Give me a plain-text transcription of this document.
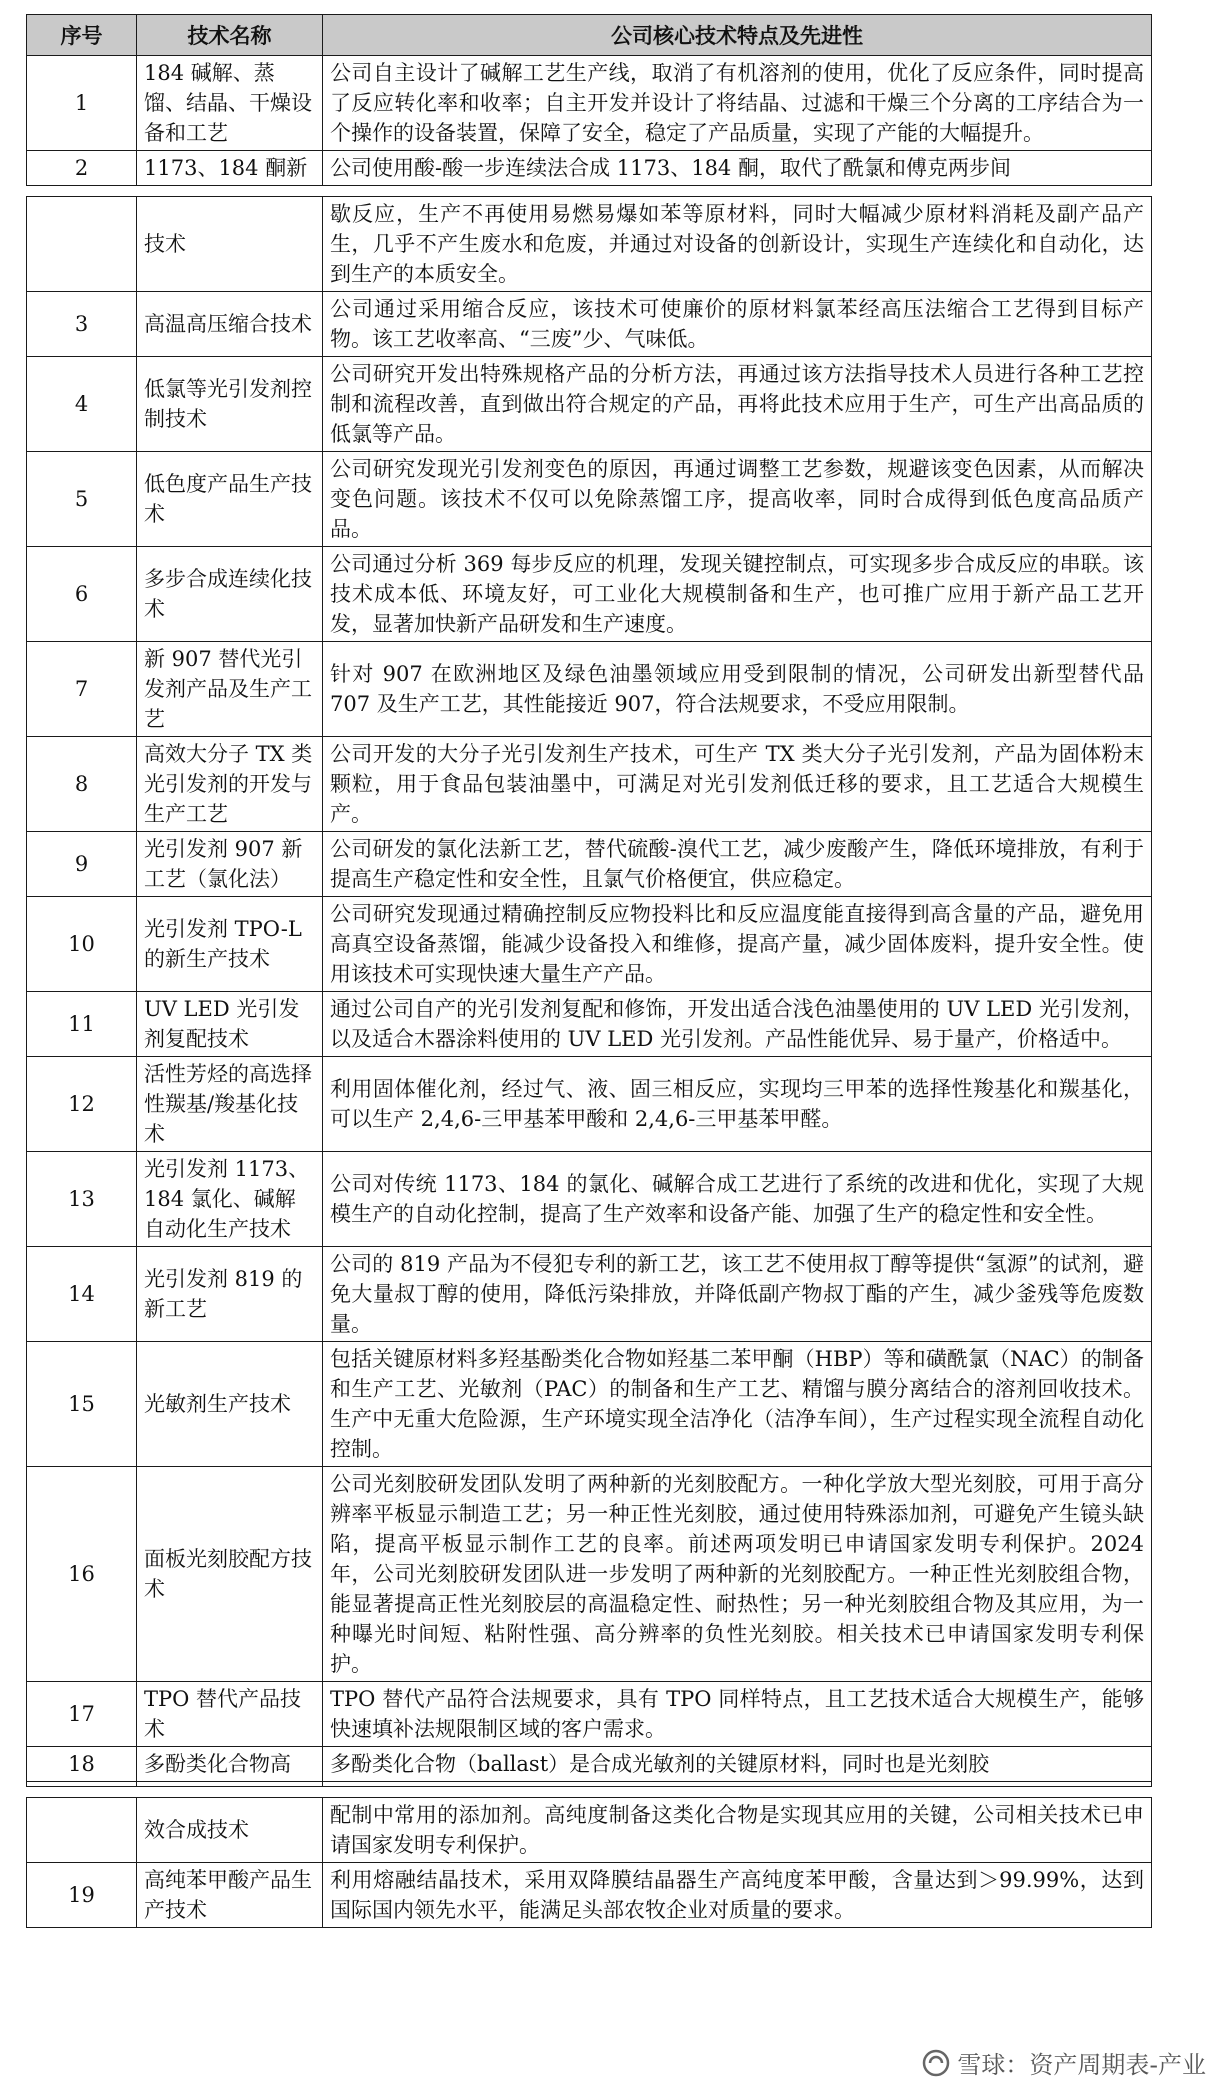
序号	技术名称	公司核心技术特点及先进性
1	184 碱解、蒸馏、结晶、干燥设备和工艺	公司自主设计了碱解工艺生产线，取消了有机溶剂的使用，优化了反应条件，同时提高了反应转化率和收率；自主开发并设计了将结晶、过滤和干燥三个分离的工序结合为一个操作的设备装置，保障了安全，稳定了产品质量，实现了产能的大幅提升。
2	1173、184 酮新	公司使用酸-酸一步连续法合成 1173、184 酮，取代了酰氯和傅克两步间
	技术	歇反应，生产不再使用易燃易爆如苯等原材料，同时大幅减少原材料消耗及副产品产生，几乎不产生废水和危废，并通过对设备的创新设计，实现生产连续化和自动化，达到生产的本质安全。
3	高温高压缩合技术	公司通过采用缩合反应，该技术可使廉价的原材料氯苯经高压法缩合工艺得到目标产物。该工艺收率高、“三废”少、气味低。
4	低氯等光引发剂控制技术	公司研究开发出特殊规格产品的分析方法，再通过该方法指导技术人员进行各种工艺控制和流程改善，直到做出符合规定的产品，再将此技术应用于生产，可生产出高品质的低氯等产品。
5	低色度产品生产技术	公司研究发现光引发剂变色的原因，再通过调整工艺参数，规避该变色因素，从而解决变色问题。该技术不仅可以免除蒸馏工序，提高收率，同时合成得到低色度高品质产品。
6	多步合成连续化技术	公司通过分析 369 每步反应的机理，发现关键控制点，可实现多步合成反应的串联。该技术成本低、环境友好，可工业化大规模制备和生产，也可推广应用于新产品工艺开发，显著加快新产品研发和生产速度。
7	新 907 替代光引发剂产品及生产工艺	针对 907 在欧洲地区及绿色油墨领域应用受到限制的情况，公司研发出新型替代品 707 及生产工艺，其性能接近 907，符合法规要求，不受应用限制。
8	高效大分子 TX 类光引发剂的开发与生产工艺	公司开发的大分子光引发剂生产技术，可生产 TX 类大分子光引发剂，产品为固体粉末颗粒，用于食品包装油墨中，可满足对光引发剂低迁移的要求，且工艺适合大规模生产。
9	光引发剂 907 新工艺（氯化法）	公司研发的氯化法新工艺，替代硫酸-溴代工艺，减少废酸产生，降低环境排放，有利于提高生产稳定性和安全性，且氯气价格便宜，供应稳定。
10	光引发剂 TPO-L 的新生产技术	公司研究发现通过精确控制反应物投料比和反应温度能直接得到高含量的产品，避免用高真空设备蒸馏，能减少设备投入和维修，提高产量，减少固体废料，提升安全性。使用该技术可实现快速大量生产产品。
11	UV LED 光引发剂复配技术	通过公司自产的光引发剂复配和修饰，开发出适合浅色油墨使用的 UV LED 光引发剂，以及适合木器涂料使用的 UV LED 光引发剂。产品性能优异、易于量产，价格适中。
12	活性芳烃的高选择性羰基/羧基化技术	利用固体催化剂，经过气、液、固三相反应，实现均三甲苯的选择性羧基化和羰基化，可以生产 2,4,6-三甲基苯甲酸和 2,4,6-三甲基苯甲醛。
13	光引发剂 1173、184 氯化、碱解自动化生产技术	公司对传统 1173、184 的氯化、碱解合成工艺进行了系统的改进和优化，实现了大规模生产的自动化控制，提高了生产效率和设备产能、加强了生产的稳定性和安全性。
14	光引发剂 819 的新工艺	公司的 819 产品为不侵犯专利的新工艺，该工艺不使用叔丁醇等提供“氢源”的试剂，避免大量叔丁醇的使用，降低污染排放，并降低副产物叔丁酯的产生，减少釜残等危废数量。
15	光敏剂生产技术	包括关键原材料多羟基酚类化合物如羟基二苯甲酮（HBP）等和磺酰氯（NAC）的制备和生产工艺、光敏剂（PAC）的制备和生产工艺、精馏与膜分离结合的溶剂回收技术。生产中无重大危险源，生产环境实现全洁净化（洁净车间），生产过程实现全流程自动化控制。
16	面板光刻胶配方技术	公司光刻胶研发团队发明了两种新的光刻胶配方。一种化学放大型光刻胶，可用于高分辨率平板显示制造工艺；另一种正性光刻胶，通过使用特殊添加剂，可避免产生镜头缺陷，提高平板显示制作工艺的良率。前述两项发明已申请国家发明专利保护。2024 年，公司光刻胶研发团队进一步发明了两种新的光刻胶配方。一种正性光刻胶组合物，能显著提高正性光刻胶层的高温稳定性、耐热性；另一种光刻胶组合物及其应用，为一种曝光时间短、粘附性强、高分辨率的负性光刻胶。相关技术已申请国家发明专利保护。
17	TPO 替代产品技术	TPO 替代产品符合法规要求，具有 TPO 同样特点，且工艺技术适合大规模生产，能够快速填补法规限制区域的客户需求。
18	多酚类化合物高	多酚类化合物（ballast）是合成光敏剂的关键原材料，同时也是光刻胶

	效合成技术	配制中常用的添加剂。高纯度制备这类化合物是实现其应用的关键，公司相关技术已申请国家发明专利保护。
19	高纯苯甲酸产品生产技术	利用熔融结晶技术，采用双降膜结晶器生产高纯度苯甲酸，含量达到＞99.99%，达到国际国内领先水平，能满足头部农牧企业对质量的要求。
雪球：资产周期表-产业
